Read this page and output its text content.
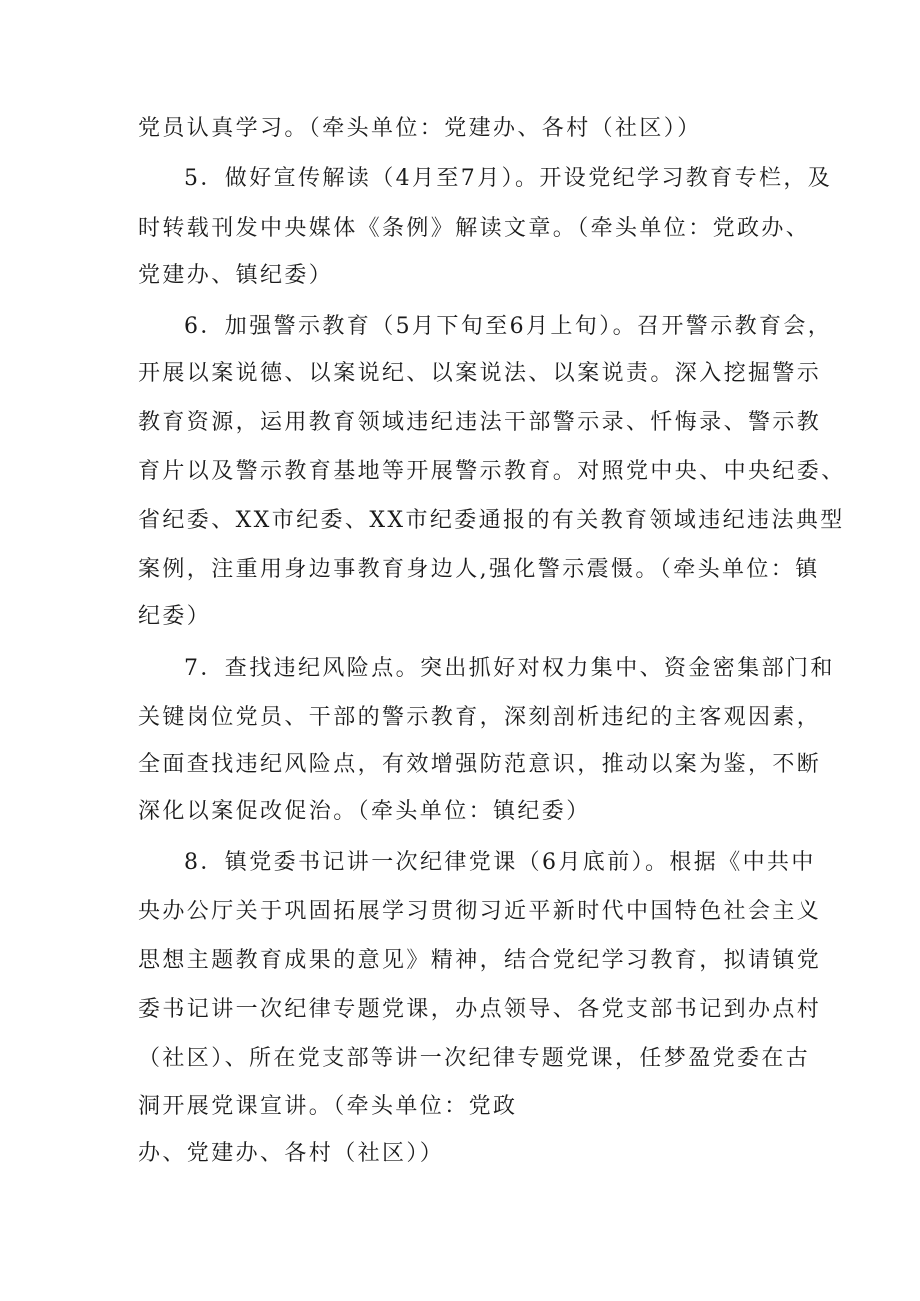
党员认真学习。（牵头单位：党建办、各村（社区））
5．做好宣传解读（4月至7月）。开设党纪学习教育专栏，及
时转载刊发中央媒体《条例》解读文章。（牵头单位：党政办、
党建办、镇纪委）
6．加强警示教育（5月下旬至6月上旬）。召开警示教育会，
开展以案说德、以案说纪、以案说法、以案说责。深入挖掘警示
教育资源，运用教育领域违纪违法干部警示录、忏悔录、警示教
育片以及警示教育基地等开展警示教育。对照党中央、中央纪委、
省纪委、XX市纪委、XX市纪委通报的有关教育领域违纪违法典型
案例，注重用身边事教育身边人,强化警示震慑。（牵头单位：镇
纪委）
7．查找违纪风险点。突出抓好对权力集中、资金密集部门和
关键岗位党员、干部的警示教育，深刻剖析违纪的主客观因素，
全面查找违纪风险点，有效增强防范意识，推动以案为鉴，不断
深化以案促改促治。（牵头单位：镇纪委）
8．镇党委书记讲一次纪律党课（6月底前）。根据《中共中
央办公厅关于巩固拓展学习贯彻习近平新时代中国特色社会主义
思想主题教育成果的意见》精神，结合党纪学习教育，拟请镇党
委书记讲一次纪律专题党课，办点领导、各党支部书记到办点村
（社区）、所在党支部等讲一次纪律专题党课，任梦盈党委在古
洞开展党课宣讲。（牵头单位：党政
办、党建办、各村（社区））
